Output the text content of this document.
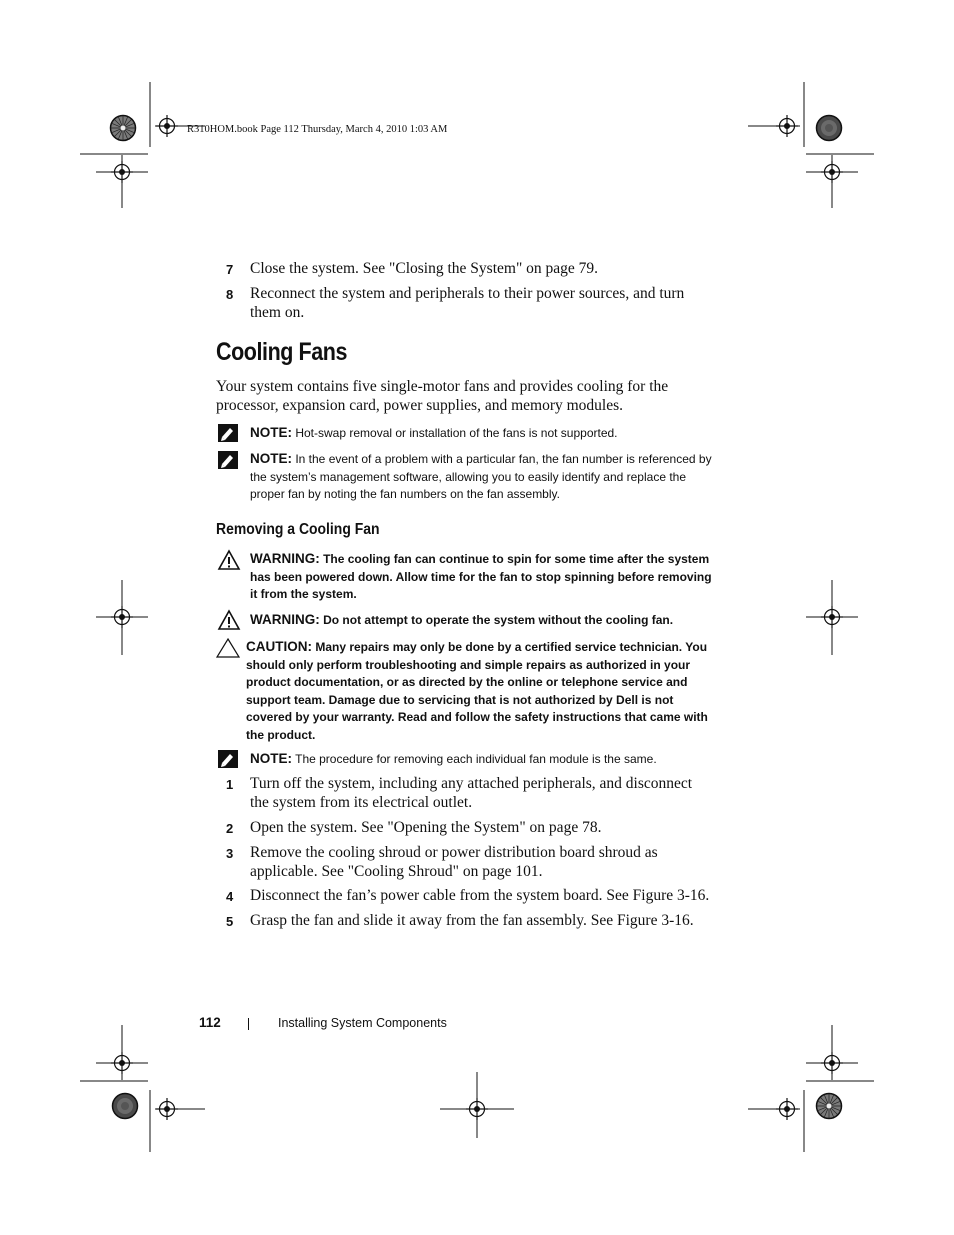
R310HOM.book Page 112 Thursday, March 4, 2010 1:03 AM
7 Close the system. See "Closing the System" on page 79.
8 Reconnect the system and peripherals to their power sources, and turn them on.
Cooling Fans
Your system contains five single-motor fans and provides cooling for the processor, expansion card, power supplies, and memory modules.
NOTE: Hot-swap removal or installation of the fans is not supported.
NOTE: In the event of a problem with a particular fan, the fan number is referenced by the system’s management software, allowing you to easily identify and replace the proper fan by noting the fan numbers on the fan assembly.
Removing a Cooling Fan
WARNING: The cooling fan can continue to spin for some time after the system has been powered down. Allow time for the fan to stop spinning before removing it from the system.
WARNING: Do not attempt to operate the system without the cooling fan.
CAUTION: Many repairs may only be done by a certified service technician. You should only perform troubleshooting and simple repairs as authorized in your product documentation, or as directed by the online or telephone service and support team. Damage due to servicing that is not authorized by Dell is not covered by your warranty. Read and follow the safety instructions that came with the product.
NOTE: The procedure for removing each individual fan module is the same.
1 Turn off the system, including any attached peripherals, and disconnect the system from its electrical outlet.
2 Open the system. See "Opening the System" on page 78.
3 Remove the cooling shroud or power distribution board shroud as applicable. See "Cooling Shroud" on page 101.
4 Disconnect the fan’s power cable from the system board. See Figure 3-16.
5 Grasp the fan and slide it away from the fan assembly. See Figure 3-16.
112	Installing System Components
